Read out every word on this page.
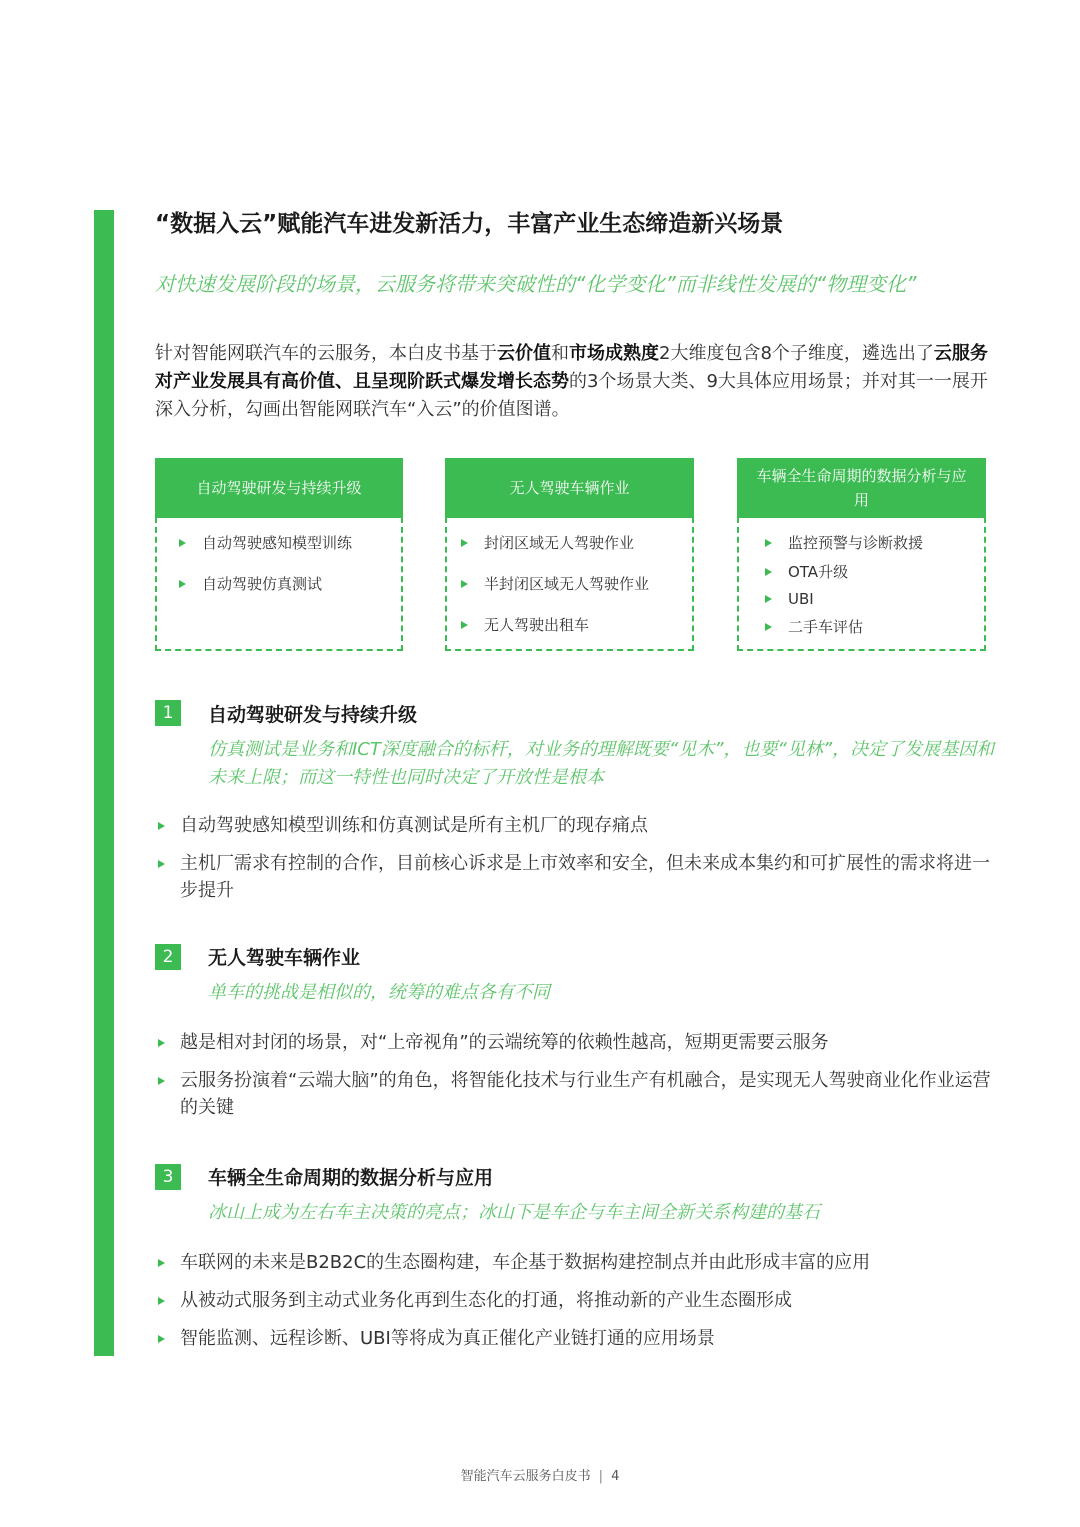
“数据入云”赋能汽车进发新活力，丰富产业生态缔造新兴场景
对快速发展阶段的场景，云服务将带来突破性的“化学变化”而非线性发展的“物理变化”
针对智能网联汽车的云服务，本白皮书基于云价值和市场成熟度2大维度包含8个子维度，遴选出了云服务对产业发展具有高价值、且呈现阶跃式爆发增长态势的3个场景大类、9大具体应用场景；并对其一一展开深入分析，勾画出智能网联汽车“入云”的价值图谱。
自动驾驶研发与持续升级
自动驾驶感知模型训练
自动驾驶仿真测试
无人驾驶车辆作业
封闭区域无人驾驶作业
半封闭区域无人驾驶作业
无人驾驶出租车
车辆全生命周期的数据分析与应用
监控预警与诊断救援
OTA升级
UBI
二手车评估
1	自动驾驶研发与持续升级
仿真测试是业务和ICT深度融合的标杆，对业务的理解既要“见木”，也要“见林”，决定了发展基因和未来上限；而这一特性也同时决定了开放性是根本
自动驾驶感知模型训练和仿真测试是所有主机厂的现存痛点
主机厂需求有控制的合作，目前核心诉求是上市效率和安全，但未来成本集约和可扩展性的需求将进一步提升
2	无人驾驶车辆作业
单车的挑战是相似的，统筹的难点各有不同
越是相对封闭的场景，对“上帝视角”的云端统筹的依赖性越高，短期更需要云服务
云服务扮演着“云端大脑”的角色，将智能化技术与行业生产有机融合，是实现无人驾驶商业化作业运营的关键
3	车辆全生命周期的数据分析与应用
冰山上成为左右车主决策的亮点；冰山下是车企与车主间全新关系构建的基石
车联网的未来是B2B2C的生态圈构建，车企基于数据构建控制点并由此形成丰富的应用
从被动式服务到主动式业务化再到生态化的打通，将推动新的产业生态圈形成
智能监测、远程诊断、UBI等将成为真正催化产业链打通的应用场景
智能汽车云服务白皮书 | 4
